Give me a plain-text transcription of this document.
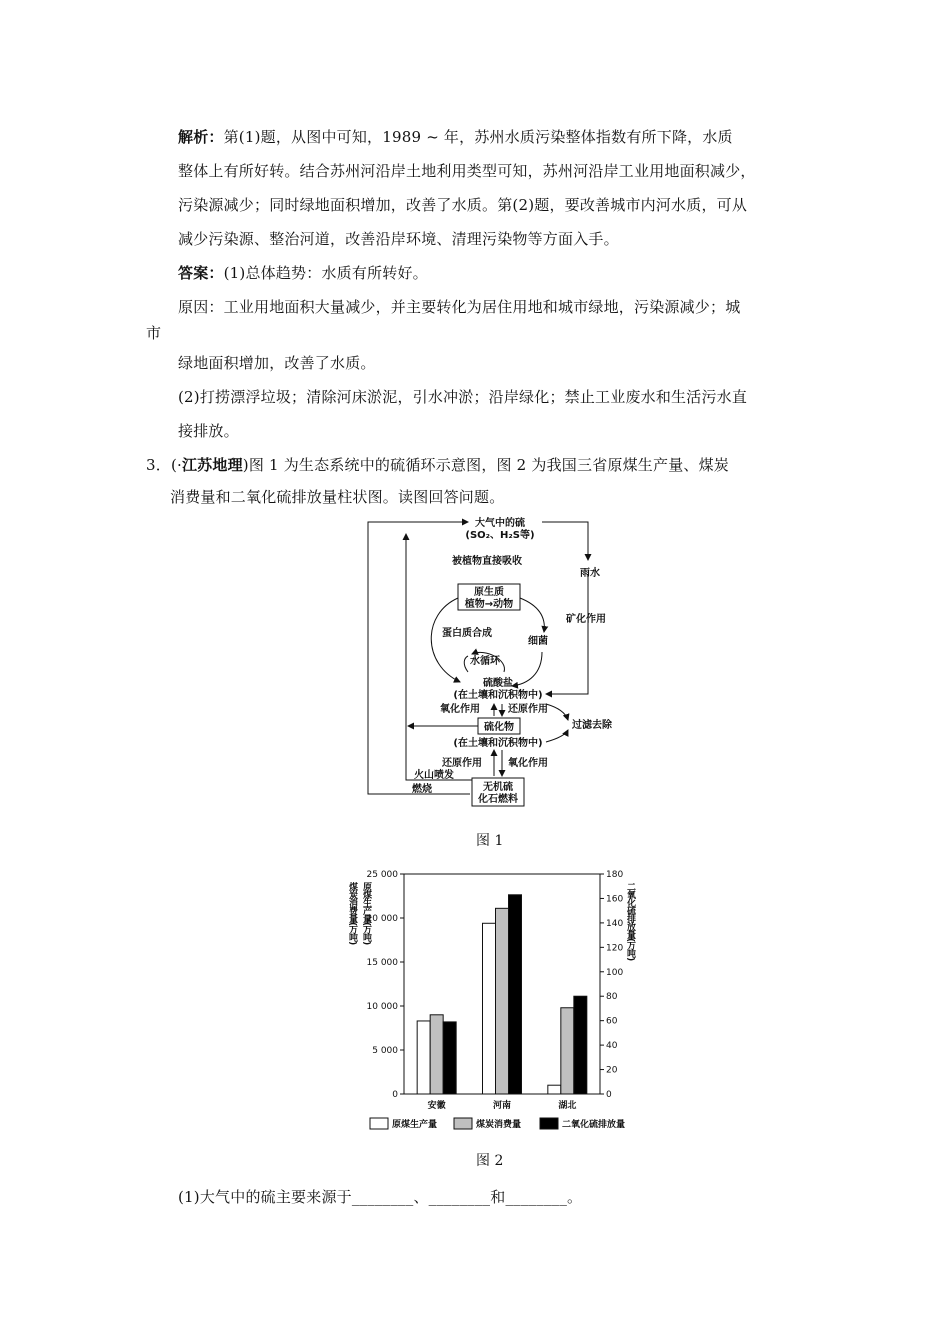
解析：第(1)题，从图中可知，1989 ~ 年，苏州水质污染整体指数有所下降，水质
整体上有所好转。结合苏州河沿岸土地利用类型可知，苏州河沿岸工业用地面积减少，
污染源减少；同时绿地面积增加，改善了水质。第(2)题，要改善城市内河水质，可从
减少污染源、整治河道，改善沿岸环境、清理污染物等方面入手。
答案：(1)总体趋势：水质有所转好。
原因：工业用地面积大量减少，并主要转化为居住用地和城市绿地，污染源减少；城
市
绿地面积增加，改善了水质。
(2)打捞漂浮垃圾；清除河床淤泥，引水冲淤；沿岸绿化；禁止工业废水和生活污水直
接排放。
3．(·江苏地理)图 1 为生态系统中的硫循环示意图，图 2 为我国三省原煤生产量、煤炭
消费量和二氧化硫排放量柱状图。读图回答问题。
大气中的硫
(SO₂、H₂S等)
被植物直接吸收
雨水
矿化作用
原生质
植物→动物
蛋白质合成
细菌
水循环
硫酸盐
(在土壤和沉积物中)
氧化作用	还原作用
过滤去除
硫化物
(在土壤和沉积物中)
还原作用	氧化作用
火山喷发
燃烧	无机硫
化石燃料
图 1
0
5 000
10 000
15 000
20 000
25 000
0
20
40
60
80
100
120
140
160
180
安徽	河南	湖北
原煤生产量(万吨)
煤炭消费量(万吨)	二氧化硫排放量(万吨)
原煤生产量	煤炭消费量	二氧化硫排放量
图 2
(1)大气中的硫主要来源于________、________和________。
